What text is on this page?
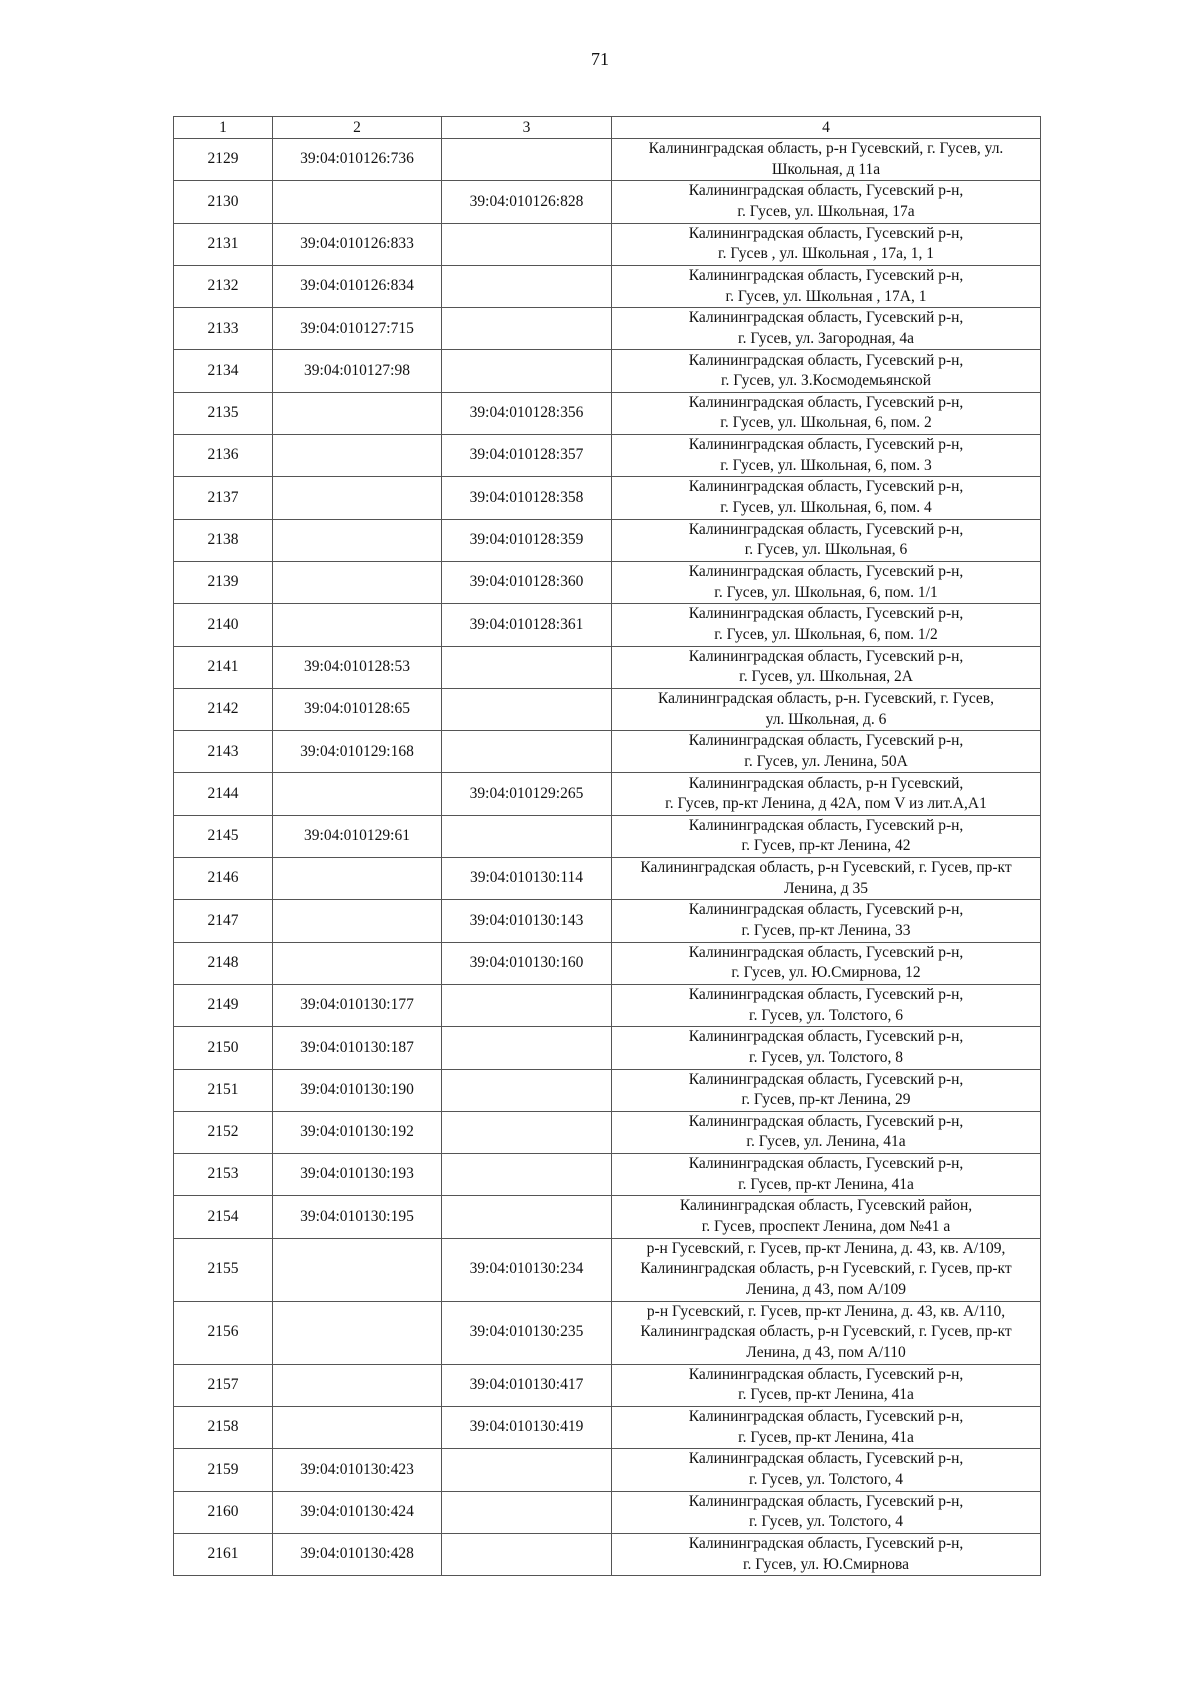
71
1	2	3	4
2129	39:04:010126:736		Калининградская область, р-н Гусевский, г. Гусев, ул.
Школьная, д 11а

2130		39:04:010126:828	Калининградская область, Гусевский р-н,
г. Гусев, ул. Школьная, 17а

2131	39:04:010126:833		Калининградская область, Гусевский р-н,
г. Гусев , ул. Школьная , 17а, 1, 1

2132	39:04:010126:834		Калининградская область, Гусевский р-н,
г. Гусев, ул. Школьная , 17А, 1

2133	39:04:010127:715		Калининградская область, Гусевский р-н,
г. Гусев, ул. Загородная, 4а

2134	39:04:010127:98		Калининградская область, Гусевский р-н,
г. Гусев, ул. З.Космодемьянской

2135		39:04:010128:356	Калининградская область, Гусевский р-н,
г. Гусев, ул. Школьная, 6, пом. 2

2136		39:04:010128:357	Калининградская область, Гусевский р-н,
г. Гусев, ул. Школьная, 6, пом. 3

2137		39:04:010128:358	Калининградская область, Гусевский р-н,
г. Гусев, ул. Школьная, 6, пом. 4

2138		39:04:010128:359	Калининградская область, Гусевский р-н,
г. Гусев, ул. Школьная, 6

2139		39:04:010128:360	Калининградская область, Гусевский р-н,
г. Гусев, ул. Школьная, 6, пом. 1/1

2140		39:04:010128:361	Калининградская область, Гусевский р-н,
г. Гусев, ул. Школьная, 6, пом. 1/2

2141	39:04:010128:53		Калининградская область, Гусевский р-н,
г. Гусев, ул. Школьная, 2А

2142	39:04:010128:65		Калининградская область, р-н. Гусевский, г. Гусев,
ул. Школьная, д. 6

2143	39:04:010129:168		Калининградская область, Гусевский р-н,
г. Гусев, ул. Ленина, 50А

2144		39:04:010129:265	Калининградская область, р-н Гусевский,
г. Гусев, пр-кт Ленина, д 42А, пом V из лит.А,А1

2145	39:04:010129:61		Калининградская область, Гусевский р-н,
г. Гусев, пр-кт Ленина, 42

2146		39:04:010130:114	Калининградская область, р-н Гусевский, г. Гусев, пр-кт
Ленина, д 35

2147		39:04:010130:143	Калининградская область, Гусевский р-н,
г. Гусев, пр-кт Ленина, 33

2148		39:04:010130:160	Калининградская область, Гусевский р-н,
г. Гусев, ул. Ю.Смирнова, 12

2149	39:04:010130:177		Калининградская область, Гусевский р-н,
г. Гусев, ул. Толстого, 6

2150	39:04:010130:187		Калининградская область, Гусевский р-н,
г. Гусев, ул. Толстого, 8

2151	39:04:010130:190		Калининградская область, Гусевский р-н,
г. Гусев, пр-кт Ленина, 29

2152	39:04:010130:192		Калининградская область, Гусевский р-н,
г. Гусев, ул. Ленина, 41а

2153	39:04:010130:193		Калининградская область, Гусевский р-н,
г. Гусев, пр-кт Ленина, 41а

2154	39:04:010130:195		Калининградская область, Гусевский район,
г. Гусев, проспект Ленина, дом №41 а

2155		39:04:010130:234	р-н Гусевский, г. Гусев, пр-кт Ленина, д. 43, кв. А/109,
Калининградская область, р-н Гусевский, г. Гусев, пр-кт
Ленина, д 43, пом А/109

2156		39:04:010130:235	р-н Гусевский, г. Гусев, пр-кт Ленина, д. 43, кв. А/110,
Калининградская область, р-н Гусевский, г. Гусев, пр-кт
Ленина, д 43, пом А/110

2157		39:04:010130:417	Калининградская область, Гусевский р-н,
г. Гусев, пр-кт Ленина, 41а

2158		39:04:010130:419	Калининградская область, Гусевский р-н,
г. Гусев, пр-кт Ленина, 41а

2159	39:04:010130:423		Калининградская область, Гусевский р-н,
г. Гусев, ул. Толстого, 4

2160	39:04:010130:424		Калининградская область, Гусевский р-н,
г. Гусев, ул. Толстого, 4

2161	39:04:010130:428		Калининградская область, Гусевский р-н,
г. Гусев, ул. Ю.Смирнова
